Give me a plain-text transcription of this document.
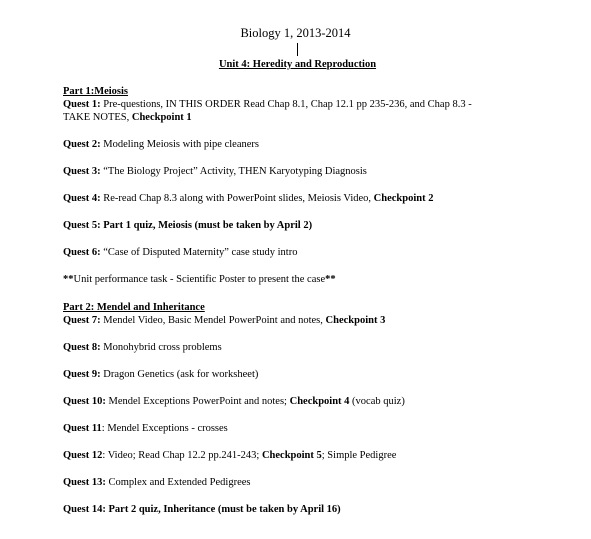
Biology 1, 2013-2014
Unit 4: Heredity and Reproduction
Part 1:Meiosis
Quest 1: Pre-questions, IN THIS ORDER Read Chap 8.1, Chap 12.1 pp 235-236, and Chap 8.3 -
TAKE NOTES, Checkpoint 1
Quest 2: Modeling Meiosis with pipe cleaners
Quest 3: “The Biology Project” Activity, THEN Karyotyping Diagnosis
Quest 4: Re-read Chap 8.3 along with PowerPoint slides, Meiosis Video, Checkpoint 2
Quest 5: Part 1 quiz, Meiosis (must be taken by April 2)
Quest 6: “Case of Disputed Maternity” case study intro
**Unit performance task - Scientific Poster to present the case**
Part 2: Mendel and Inheritance
Quest 7: Mendel Video, Basic Mendel PowerPoint and notes, Checkpoint 3
Quest 8: Monohybrid cross problems
Quest 9: Dragon Genetics (ask for worksheet)
Quest 10: Mendel Exceptions PowerPoint and notes; Checkpoint 4 (vocab quiz)
Quest 11: Mendel Exceptions - crosses
Quest 12: Video; Read Chap 12.2 pp.241-243; Checkpoint 5; Simple Pedigree
Quest 13: Complex and Extended Pedigrees
Quest 14: Part 2 quiz, Inheritance (must be taken by April 16)
